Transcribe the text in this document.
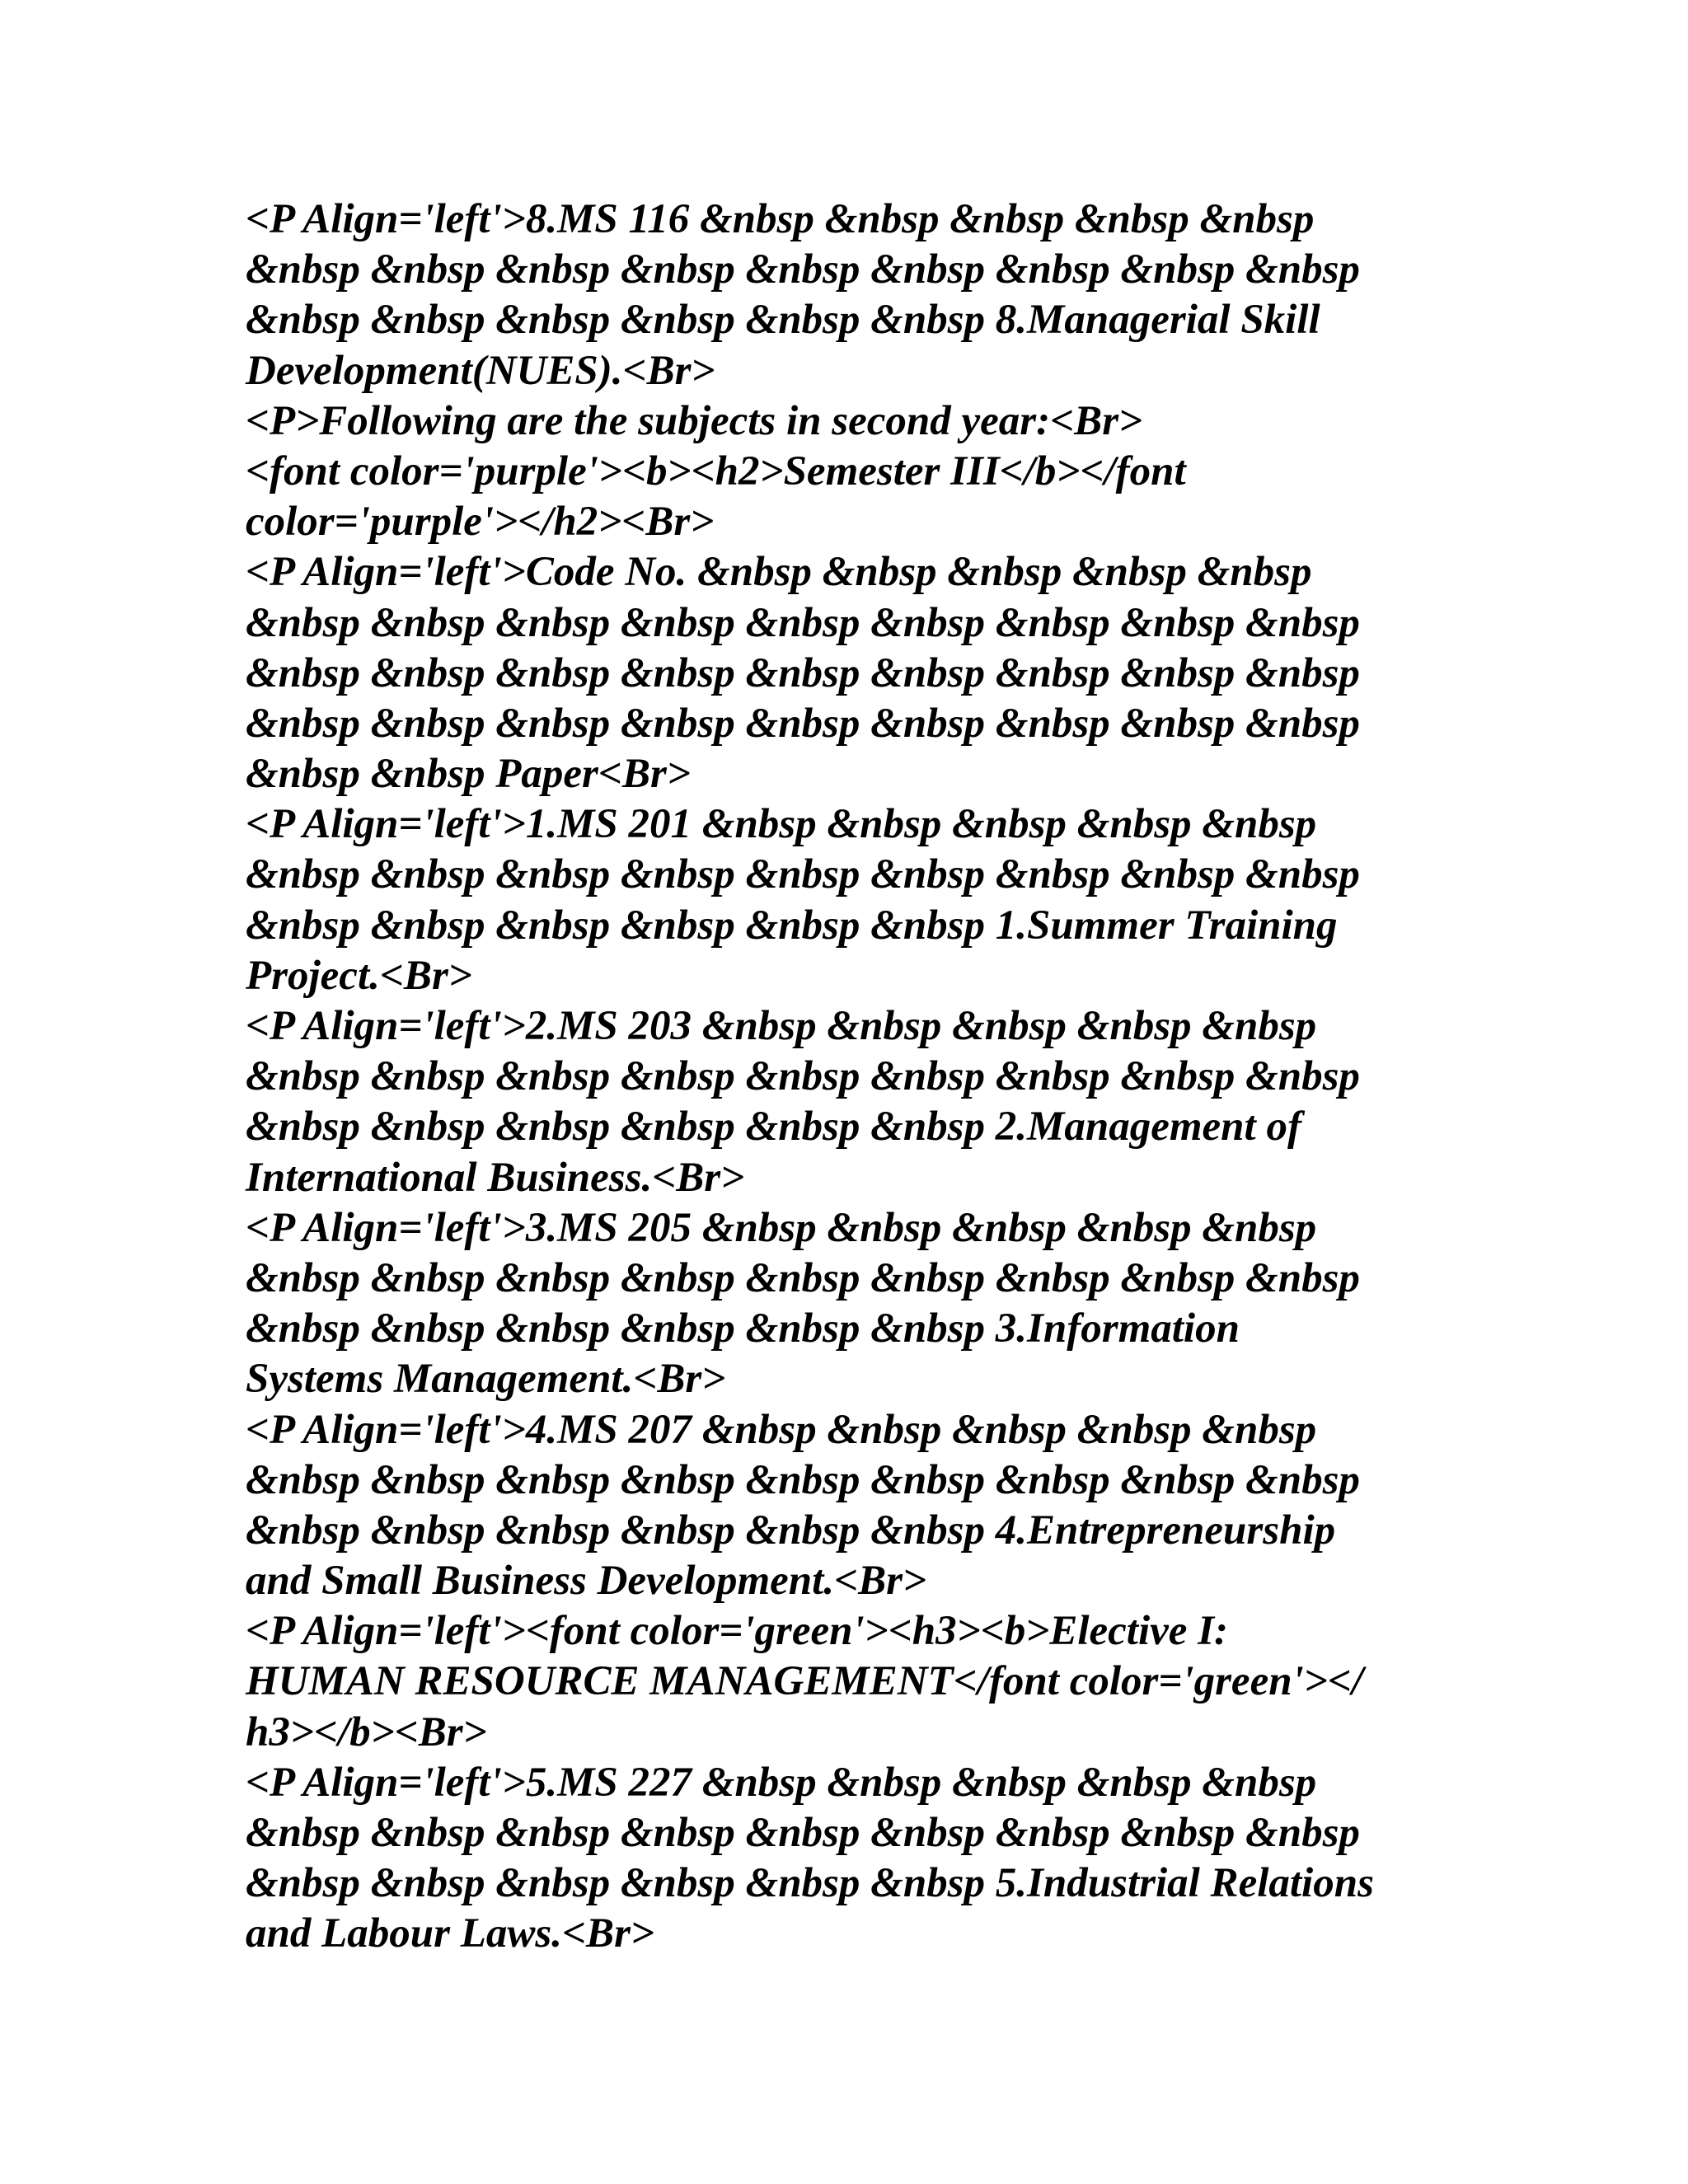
<P Align='left'>8.MS 116 &nbsp &nbsp &nbsp &nbsp &nbsp

&nbsp &nbsp &nbsp &nbsp &nbsp &nbsp &nbsp &nbsp &nbsp

&nbsp &nbsp &nbsp &nbsp &nbsp &nbsp 8.Managerial Skill

Development(NUES).<Br>

<P>Following are the subjects in second year:<Br>

<font color='purple'><b><h2>Semester III</b></font

color='purple'></h2><Br>

<P Align='left'>Code No. &nbsp &nbsp &nbsp &nbsp &nbsp

&nbsp &nbsp &nbsp &nbsp &nbsp &nbsp &nbsp &nbsp &nbsp

&nbsp &nbsp &nbsp &nbsp &nbsp &nbsp &nbsp &nbsp &nbsp

&nbsp &nbsp &nbsp &nbsp &nbsp &nbsp &nbsp &nbsp &nbsp

&nbsp &nbsp Paper<Br>

<P Align='left'>1.MS 201 &nbsp &nbsp &nbsp &nbsp &nbsp

&nbsp &nbsp &nbsp &nbsp &nbsp &nbsp &nbsp &nbsp &nbsp

&nbsp &nbsp &nbsp &nbsp &nbsp &nbsp 1.Summer Training

Project.<Br>

<P Align='left'>2.MS 203 &nbsp &nbsp &nbsp &nbsp &nbsp

&nbsp &nbsp &nbsp &nbsp &nbsp &nbsp &nbsp &nbsp &nbsp

&nbsp &nbsp &nbsp &nbsp &nbsp &nbsp 2.Management of

International Business.<Br>

<P Align='left'>3.MS 205 &nbsp &nbsp &nbsp &nbsp &nbsp

&nbsp &nbsp &nbsp &nbsp &nbsp &nbsp &nbsp &nbsp &nbsp

&nbsp &nbsp &nbsp &nbsp &nbsp &nbsp 3.Information

Systems Management.<Br>

<P Align='left'>4.MS 207 &nbsp &nbsp &nbsp &nbsp &nbsp

&nbsp &nbsp &nbsp &nbsp &nbsp &nbsp &nbsp &nbsp &nbsp

&nbsp &nbsp &nbsp &nbsp &nbsp &nbsp 4.Entrepreneurship

and Small Business Development.<Br>

<P Align='left'><font color='green'><h3><b>Elective I:

HUMAN RESOURCE MANAGEMENT</font color='green'></

h3></b><Br>

<P Align='left'>5.MS 227 &nbsp &nbsp &nbsp &nbsp &nbsp

&nbsp &nbsp &nbsp &nbsp &nbsp &nbsp &nbsp &nbsp &nbsp

&nbsp &nbsp &nbsp &nbsp &nbsp &nbsp 5.Industrial Relations

and Labour Laws.<Br>
